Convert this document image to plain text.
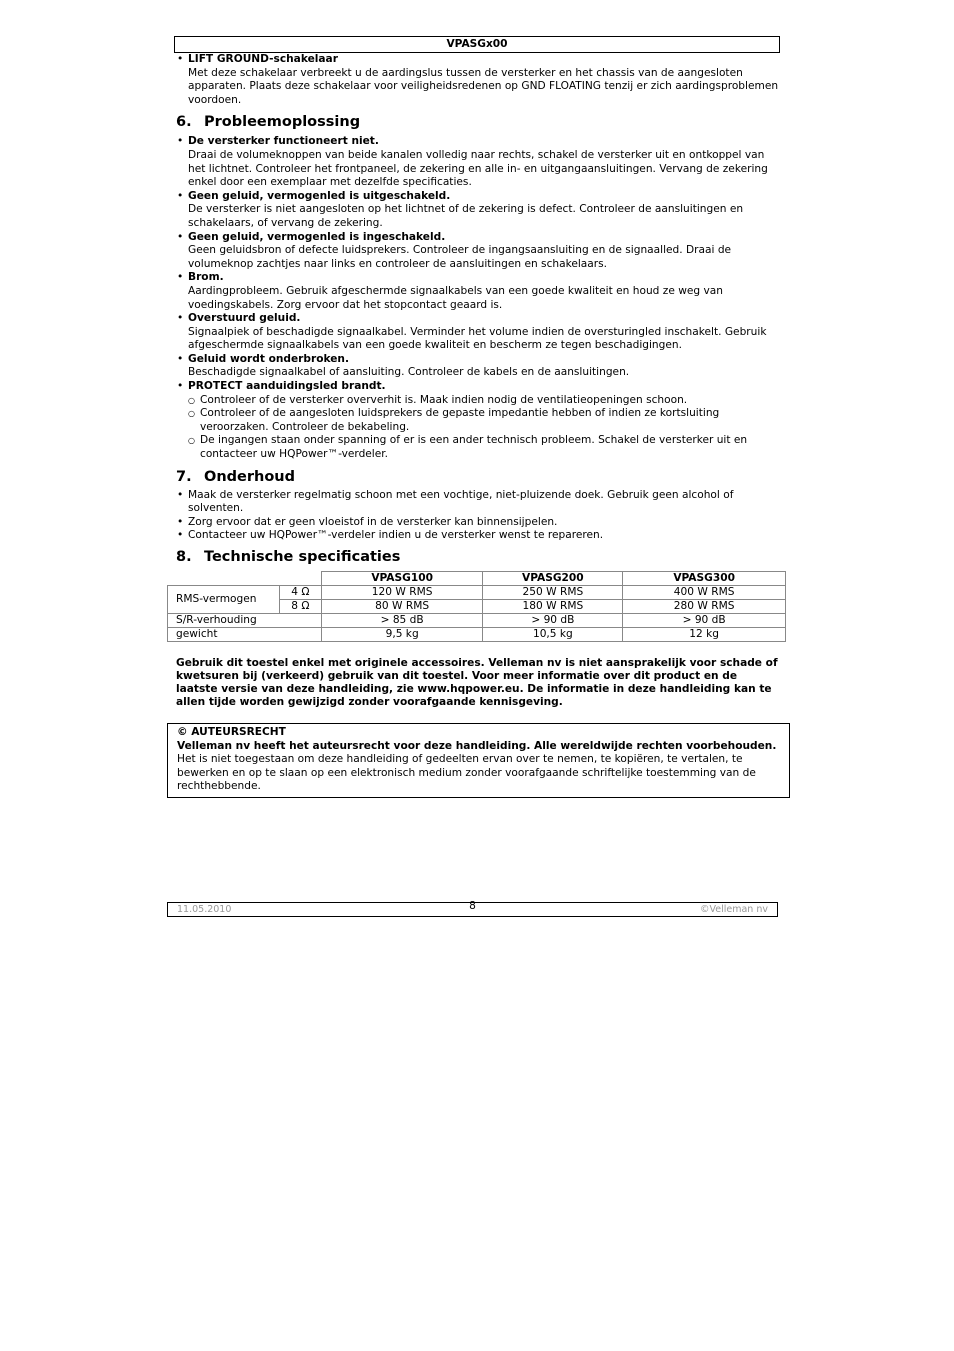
VPASGx00
• LIFT GROUND-schakelaar
Met deze schakelaar verbreekt u de aardingslus tussen de versterker en het chassis van de aangesloten apparaten. Plaats deze schakelaar voor veiligheidsredenen op GND FLOATING tenzij er zich aardingsproblemen voordoen.
6. Probleemoplossing
• De versterker functioneert niet.
Draai de volumeknoppen van beide kanalen volledig naar rechts, schakel de versterker uit en ontkoppel van het lichtnet. Controleer het frontpaneel, de zekering en alle in- en uitgangaansluitingen. Vervang de zekering enkel door een exemplaar met dezelfde specificaties.
• Geen geluid, vermogenled is uitgeschakeld.
De versterker is niet aangesloten op het lichtnet of de zekering is defect. Controleer de aansluitingen en schakelaars, of vervang de zekering.
• Geen geluid, vermogenled is ingeschakeld.
Geen geluidsbron of defecte luidsprekers. Controleer de ingangsaansluiting en de signaalled. Draai de volumeknop zachtjes naar links en controleer de aansluitingen en schakelaars.
• Brom.
Aardingprobleem. Gebruik afgeschermde signaalkabels van een goede kwaliteit en houd ze weg van voedingskabels. Zorg ervoor dat het stopcontact geaard is.
• Overstuurd geluid.
Signaalpiek of beschadigde signaalkabel. Verminder het volume indien de oversturingled inschakelt. Gebruik afgeschermde signaalkabels van een goede kwaliteit en bescherm ze tegen beschadigingen.
• Geluid wordt onderbroken.
Beschadigde signaalkabel of aansluiting. Controleer de kabels en de aansluitingen.
• PROTECT aanduidingsled brandt.
○ Controleer of de versterker oververhit is. Maak indien nodig de ventilatieopeningen schoon.
○ Controleer of de aangesloten luidsprekers de gepaste impedantie hebben of indien ze kortsluiting veroorzaken. Controleer de bekabeling.
○ De ingangen staan onder spanning of er is een ander technisch probleem. Schakel de versterker uit en contacteer uw HQPower™-verdeler.
7. Onderhoud
• Maak de versterker regelmatig schoon met een vochtige, niet-pluizende doek. Gebruik geen alcohol of solventen.
• Zorg ervoor dat er geen vloeistof in de versterker kan binnensijpelen.
• Contacteer uw HQPower™-verdeler indien u de versterker wenst te repareren.
8. Technische specificaties
		VPASG100	VPASG200	VPASG300
RMS-vermogen	4 Ω	120 W RMS	250 W RMS	400 W RMS
	8 Ω	80 W RMS	180 W RMS	280 W RMS
S/R-verhouding		> 85 dB	> 90 dB	> 90 dB
gewicht		9,5 kg	10,5 kg	12 kg
Gebruik dit toestel enkel met originele accessoires. Velleman nv is niet aansprakelijk voor schade of kwetsuren bij (verkeerd) gebruik van dit toestel. Voor meer informatie over dit product en de laatste versie van deze handleiding, zie www.hqpower.eu. De informatie in deze handleiding kan te allen tijde worden gewijzigd zonder voorafgaande kennisgeving.
© AUTEURSRECHT
Velleman nv heeft het auteursrecht voor deze handleiding. Alle wereldwijde rechten voorbehouden. Het is niet toegestaan om deze handleiding of gedeelten ervan over te nemen, te kopiëren, te vertalen, te bewerken en op te slaan op een elektronisch medium zonder voorafgaande schriftelijke toestemming van de rechthebbende.
11.05.2010	8	©Velleman nv
